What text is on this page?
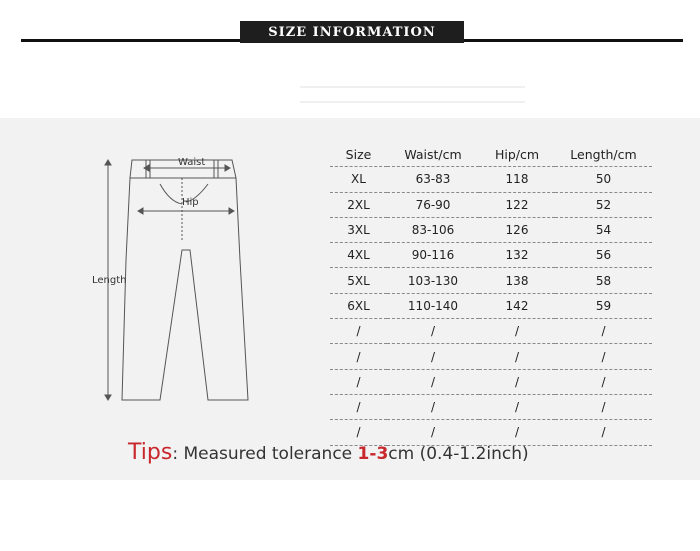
SIZE INFORMATION
Waist
Hip
Length
Size	Waist/cm	Hip/cm	Length/cm
XL	63-83	118	50
2XL	76-90	122	52
3XL	83-106	126	54
4XL	90-116	132	56
5XL	103-130	138	58
6XL	110-140	142	59
/	/	/	/
/	/	/	/
/	/	/	/
/	/	/	/
/	/	/	/
Tips: Measured tolerance 1-3cm (0.4-1.2inch)
